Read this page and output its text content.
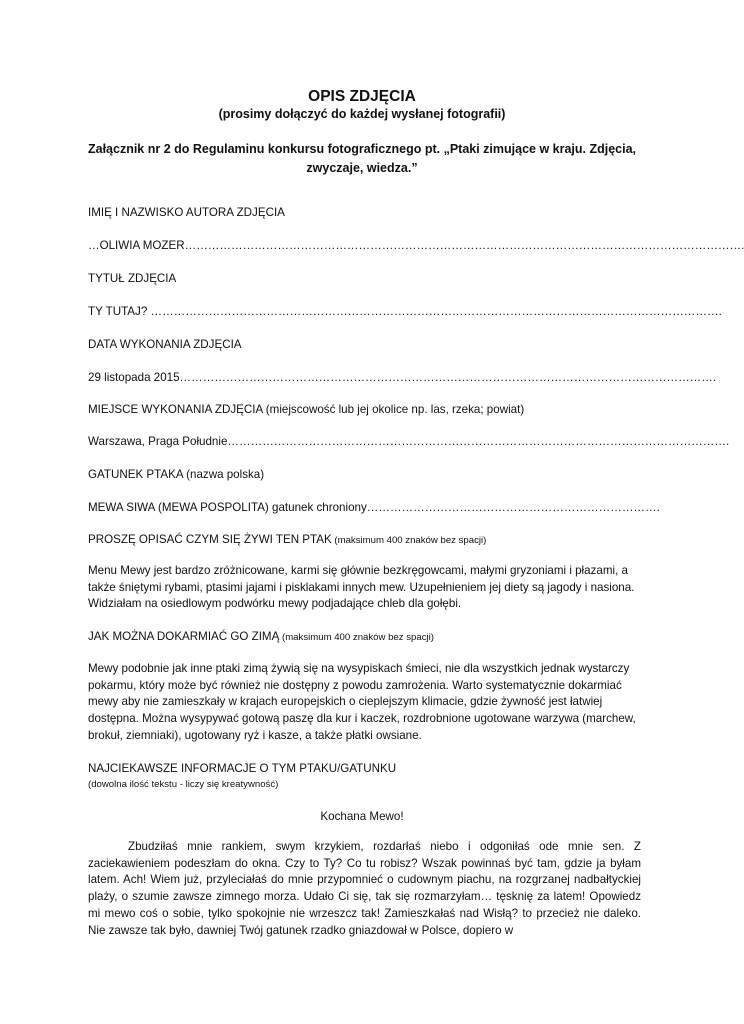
OPIS ZDJĘCIA
(prosimy dołączyć do każdej wysłanej fotografii)
Załącznik nr 2 do Regulaminu konkursu fotograficznego pt. „Ptaki zimujące w kraju. Zdjęcia, zwyczaje, wiedza.”
IMIĘ I NAZWISKO AUTORA ZDJĘCIA
…OLIWIA MOZER……………………………………………………………………………………………………………………………….
TYTUŁ ZDJĘCIA
TY TUTAJ? ………………………………………………………………………………………………………………………………….
DATA WYKONANIA ZDJĘCIA
29 listopada 2015………………………………………………………………………………………………………………………….
MIEJSCE WYKONANIA ZDJĘCIA (miejscowość lub jej okolice np. las, rzeka; powiat)
Warszawa, Praga Południe………………………………………………………………………………………………………………….
GATUNEK PTAKA (nazwa polska)
MEWA SIWA (MEWA POSPOLITA) gatunek chroniony………………………………………………………………….
PROSZĘ OPISAĆ CZYM SIĘ ŻYWI TEN PTAK (maksimum 400 znaków bez spacji)
Menu Mewy jest bardzo zróżnicowane, karmi się głównie bezkręgowcami, małymi gryzoniami i płazami, a także śniętymi rybami, ptasimi jajami i pisklakami innych mew. Uzupełnieniem jej diety są jagody i nasiona. Widziałam na osiedlowym podwórku mewy podjadające chleb dla gołębi.
JAK MOŻNA DOKARMIAĆ GO ZIMĄ (maksimum 400 znaków bez spacji)
Mewy podobnie jak inne ptaki zimą żywią się na wysypiskach śmieci, nie dla wszystkich jednak wystarczy pokarmu, który może być również nie dostępny z powodu zamrożenia. Warto systematycznie dokarmiać mewy aby nie zamieszkały w krajach europejskich o cieplejszym klimacie, gdzie żywność jest łatwiej dostępna. Można wysypywać gotową paszę dla kur i kaczek, rozdrobnione ugotowane warzywa (marchew, brokuł, ziemniaki), ugotowany ryż i kasze, a także płatki owsiane.
NAJCIEKAWSZE INFORMACJE O TYM PTAKU/GATUNKU
(dowolna ilość tekstu - liczy się kreatywność)
Kochana Mewo!
Zbudziłaś mnie rankiem, swym krzykiem, rozdarłaś niebo i odgoniłaś ode mnie sen. Z zaciekawieniem podeszłam do okna. Czy to Ty? Co tu robisz? Wszak powinnaś być tam, gdzie ja byłam latem. Ach! Wiem już, przyleciałaś do mnie przypomnieć o cudownym piachu, na rozgrzanej nadbałtyckiej plaży, o szumie zawsze zimnego morza. Udało Ci się, tak się rozmarzyłam… tęsknię za latem! Opowiedz mi mewo coś o sobie, tylko spokojnie nie wrzeszcz tak! Zamieszkałaś nad Wisłą? to przecież nie daleko. Nie zawsze tak było, dawniej Twój gatunek rzadko gniazdował w Polsce, dopiero w
